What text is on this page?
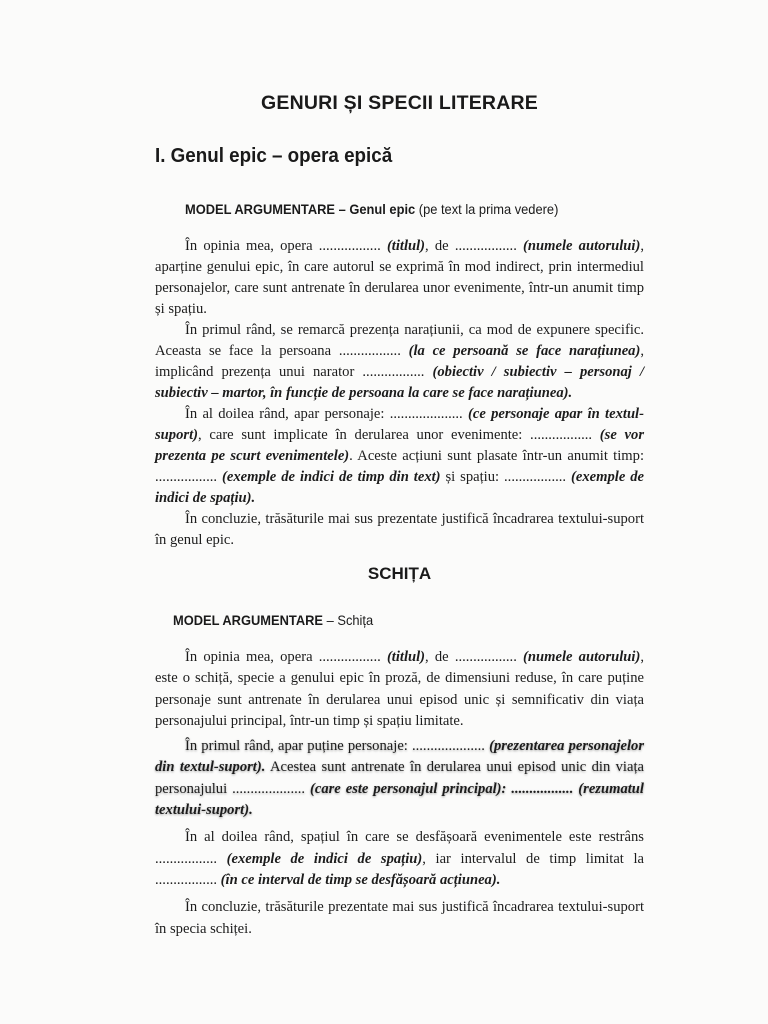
GENURI ȘI SPECII LITERARE
I. Genul epic – opera epică
MODEL ARGUMENTARE – Genul epic (pe text la prima vedere)

În opinia mea, opera ................. (titlul), de ................. (numele autorului), aparține genului epic, în care autorul se exprimă în mod indirect, prin intermediul personajelor, care sunt antrenate în derularea unor evenimente, într-un anumit timp și spațiu.

În primul rând, se remarcă prezența narațiunii, ca mod de expunere specific. Aceasta se face la persoana ................. (la ce persoană se face narațiunea), implicând prezența unui narator ................. (obiectiv / subiectiv – personaj / subiectiv – martor, în funcție de persoana la care se face narațiunea).

În al doilea rând, apar personaje: .................... (ce personaje apar în textul-suport), care sunt implicate în derularea unor evenimente: ................. (se vor prezenta pe scurt evenimentele). Aceste acțiuni sunt plasate într-un anumit timp: ................. (exemple de indici de timp din text) și spațiu: ................. (exemple de indici de spațiu).

În concluzie, trăsăturile mai sus prezentate justifică încadrarea textului-suport în genul epic.

SCHIȚA
MODEL ARGUMENTARE – Schița

În opinia mea, opera ................. (titlul), de ................. (numele autorului), este o schiță, specie a genului epic în proză, de dimensiuni reduse, în care puține personaje sunt antrenate în derularea unui episod unic și semnificativ din viața personajului principal, într-un timp și spațiu limitate.

În primul rând, apar puține personaje: .................... (prezentarea personajelor din textul-suport). Acestea sunt antrenate în derularea unui episod unic din viața personajului .................... (care este personajul principal): ................. (rezumatul textului-suport).

În al doilea rând, spațiul în care se desfășoară evenimentele este restrâns ................. (exemple de indici de spațiu), iar intervalul de timp limitat la ................. (în ce interval de timp se desfășoară acțiunea).

În concluzie, trăsăturile prezentate mai sus justifică încadrarea textului-suport în specia schiței.
